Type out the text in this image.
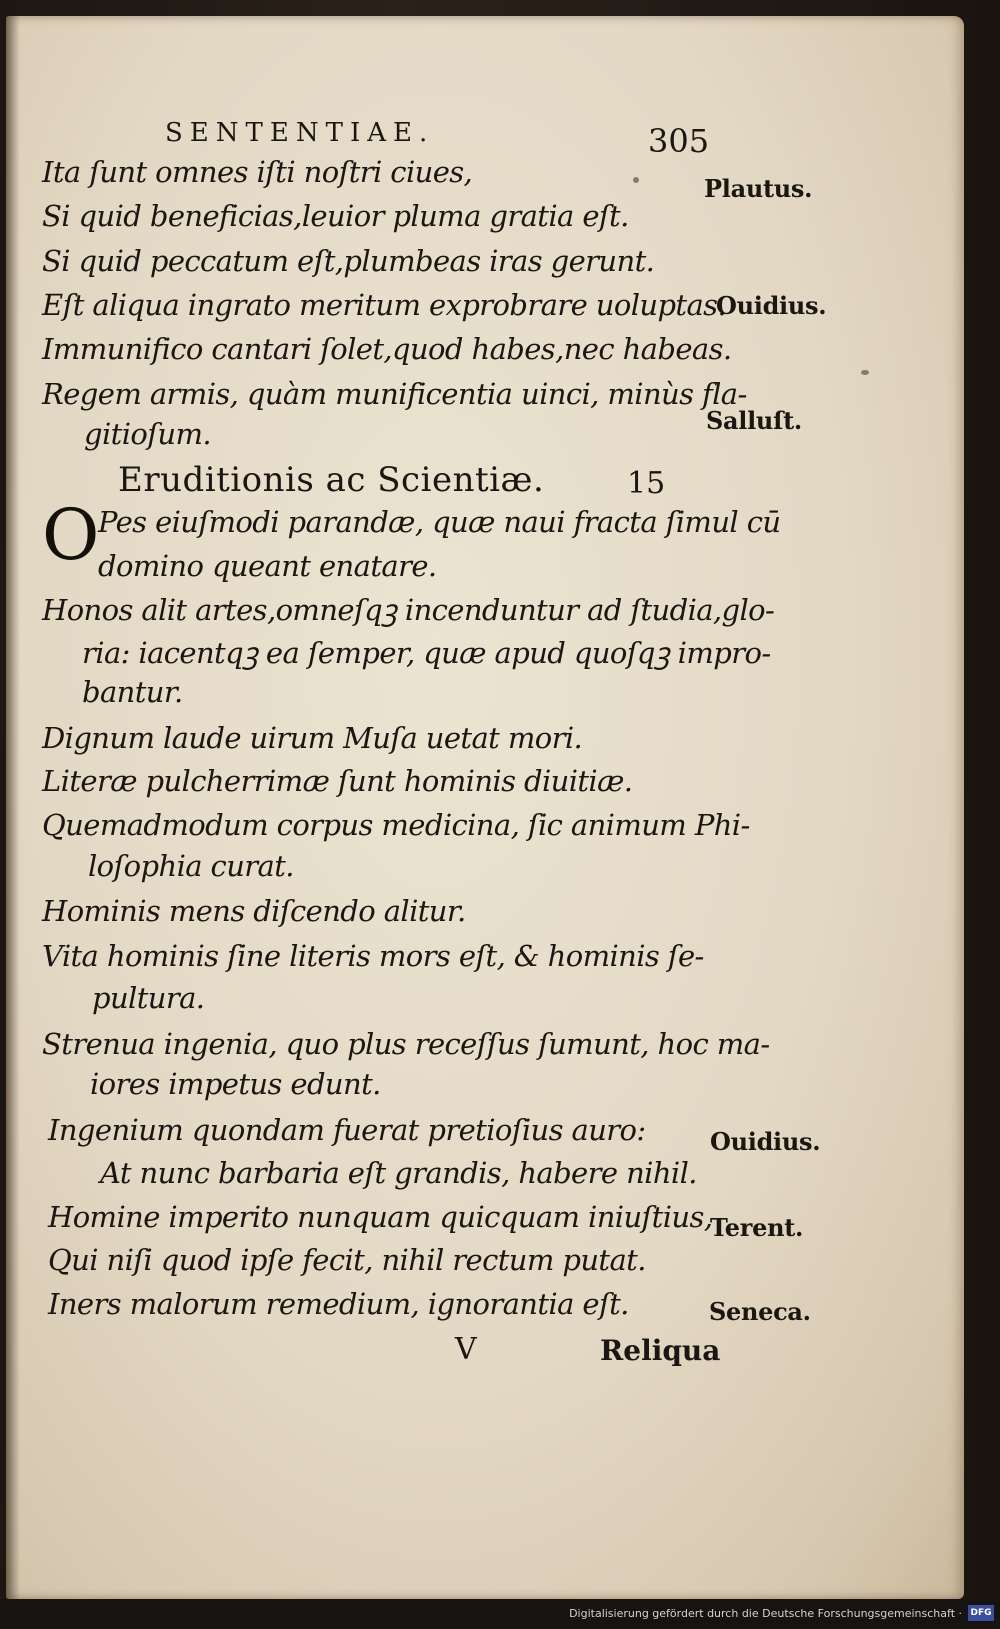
SENTENTIAE.	305
Ita ſunt omnes iſti noſtri ciues,
Si quid beneficias,leuior pluma gratia eſt.
Si quid peccatum eſt,plumbeas iras gerunt.
Eſt aliqua ingrato meritum exprobrare uoluptas.
Immunifico cantari ſolet,quod habes,nec habeas.
Regem armis, quàm munificentia uinci, minùs fla-
gitioſum.
Plautus.
Ouidius.
Salluſt.
Eruditionis ac Scientiæ.	15
O
Pes eiuſmodi parandæ, quæ naui fracta ſimul cū
domino queant enatare.
Honos alit artes,omneſqꝫ incenduntur ad ſtudia,glo-
ria: iacentqꝫ ea ſemper, quæ apud quoſqꝫ impro-
bantur.
Dignum laude uirum Muſa uetat mori.
Literæ pulcherrimæ ſunt hominis diuitiæ.
Quemadmodum corpus medicina, ſic animum Phi-
loſophia curat.
Hominis mens diſcendo alitur.
Vita hominis ſine literis mors eſt, & hominis ſe-
pultura.
Strenua ingenia, quo plus receſſus ſumunt, hoc ma-
iores impetus edunt.
Ingenium quondam fuerat pretioſius auro:
At nunc barbaria eſt grandis, habere nihil.
Homine imperito nunquam quicquam iniuſtius,
Qui niſi quod ipſe fecit, nihil rectum putat.
Iners malorum remedium, ignorantia eſt.
Ouidius.
Terent.
Seneca.
V	Reliqua
Digitalisierung gefördert durch die Deutsche Forschungsgemeinschaft · DFG
